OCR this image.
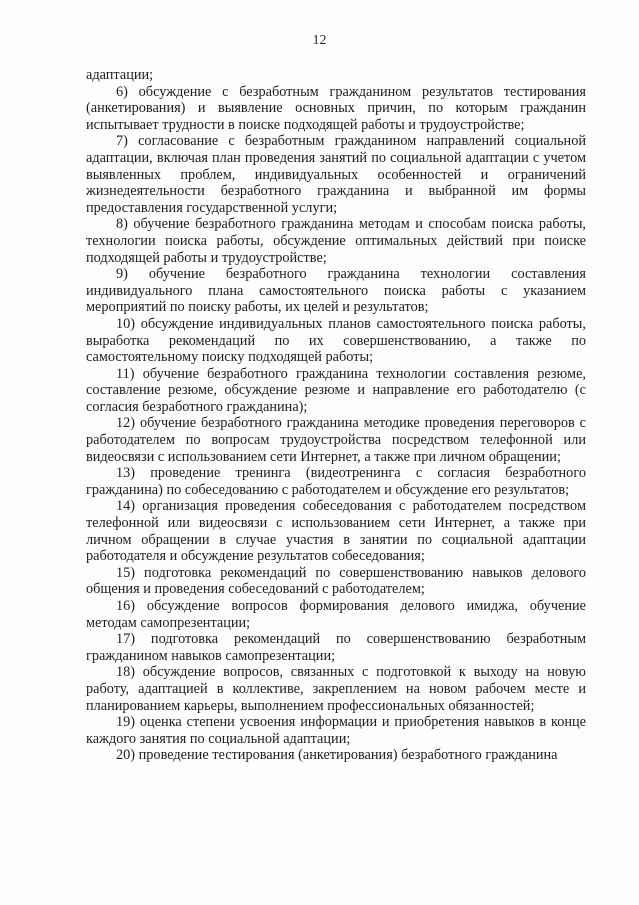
12

адаптации;

6) обсуждение с безработным гражданином результатов тестирования (анкетирования) и выявление основных причин, по которым гражданин испытывает трудности в поиске подходящей работы и трудоустройстве;

7) согласование с безработным гражданином направлений социальной адаптации, включая план проведения занятий по социальной адаптации с учетом выявленных проблем, индивидуальных особенностей и ограничений жизнедеятельности безработного гражданина и выбранной им формы предоставления государственной услуги;

8) обучение безработного гражданина методам и способам поиска работы, технологии поиска работы, обсуждение оптимальных действий при поиске подходящей работы и трудоустройстве;

9) обучение безработного гражданина технологии составления индивидуального плана самостоятельного поиска работы с указанием мероприятий по поиску работы, их целей и результатов;

10) обсуждение индивидуальных планов самостоятельного поиска работы, выработка рекомендаций по их совершенствованию, а также по самостоятельному поиску подходящей работы;

11) обучение безработного гражданина технологии составления резюме, составление резюме, обсуждение резюме и направление его работодателю (с согласия безработного гражданина);

12) обучение безработного гражданина методике проведения переговоров с работодателем по вопросам трудоустройства посредством телефонной или видеосвязи с использованием сети Интернет, а также при личном обращении;

13) проведение тренинга (видеотренинга с согласия безработного гражданина) по собеседованию с работодателем и обсуждение его результатов;

14) организация проведения собеседования с работодателем посредством телефонной или видеосвязи с использованием сети Интернет, а также при личном обращении в случае участия в занятии по социальной адаптации работодателя и обсуждение результатов собеседования;

15) подготовка рекомендаций по совершенствованию навыков делового общения и проведения собеседований с работодателем;

16) обсуждение вопросов формирования делового имиджа, обучение методам самопрезентации;

17) подготовка рекомендаций по совершенствованию безработным гражданином навыков самопрезентации;

18) обсуждение вопросов, связанных с подготовкой к выходу на новую работу, адаптацией в коллективе, закреплением на новом рабочем месте и планированием карьеры, выполнением профессиональных обязанностей;

19) оценка степени усвоения информации и приобретения навыков в конце каждого занятия по социальной адаптации;

20) проведение тестирования (анкетирования) безработного гражданина
